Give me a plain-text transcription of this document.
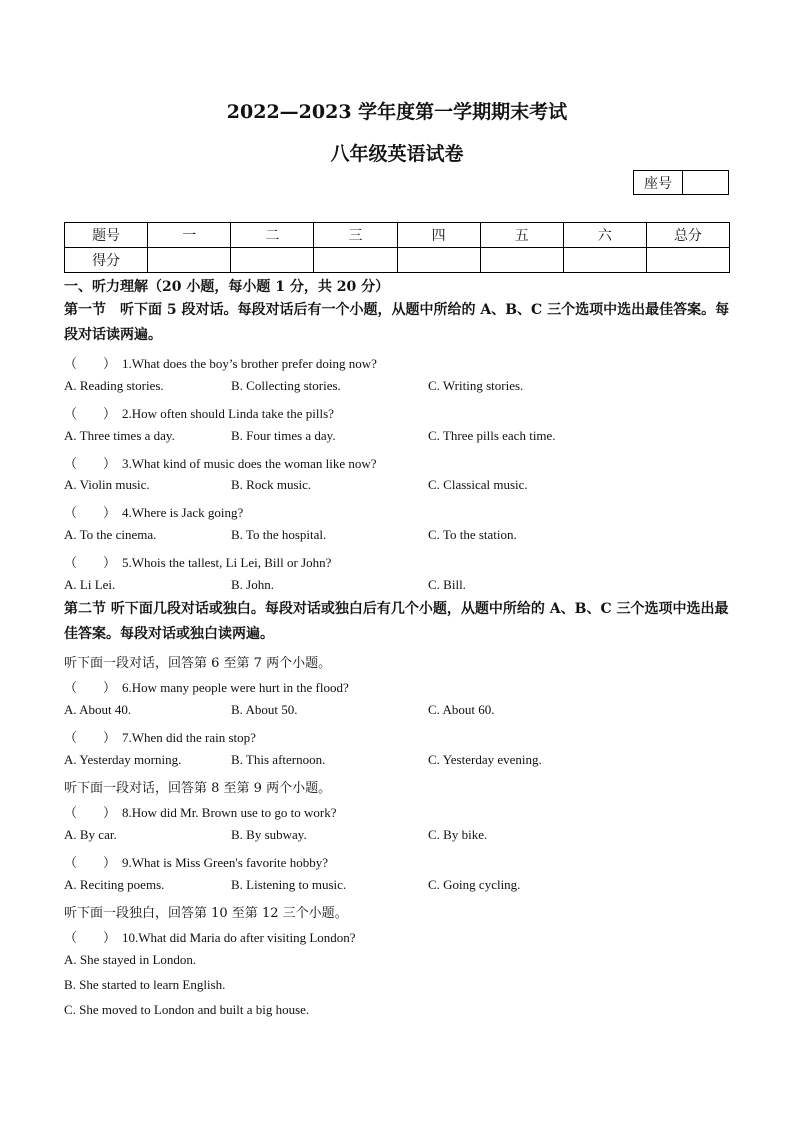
2022—2023 学年度第一学期期末考试
八年级英语试卷
座号
题号	一	二	三	四	五	六	总分
得分							
一、听力理解（20 小题，每小题 1 分，共 20 分）
第一节　听下面 5 段对话。每段对话后有一个小题，从题中所给的 A、B、C 三个选项中选出最佳答案。每段对话读两遍。
（　　） 1.What does the boy’s brother prefer doing now?
A. Reading stories.	B. Collecting stories.	C. Writing stories.
（　　） 2.How often should Linda take the pills?
A. Three times a day.	B. Four times a day.	C. Three pills each time.
（　　） 3.What kind of music does the woman like now?
A. Violin music.	B. Rock music.	C. Classical music.
（　　） 4.Where is Jack going?
A. To the cinema.	B. To the hospital.	C. To the station.
（　　） 5.Whois the tallest, Li Lei, Bill or John?
A. Li Lei.	B. John.	C. Bill.
第二节 听下面几段对话或独白。每段对话或独白后有几个小题，从题中所给的 A、B、C 三个选项中选出最佳答案。每段对话或独白读两遍。
听下面一段对话，回答第 6 至第 7 两个小题。
（　　） 6.How many people were hurt in the flood?
A. About 40.	B. About 50.	C. About 60.
（　　） 7.When did the rain stop?
A. Yesterday morning.	B. This afternoon.	C. Yesterday evening.
听下面一段对话，回答第 8 至第 9 两个小题。
（　　） 8.How did Mr. Brown use to go to work?
A. By car.	B. By subway.	C. By bike.
（　　） 9.What is Miss Green's favorite hobby?
A. Reciting poems.	B. Listening to music.	C. Going cycling.
听下面一段独白，回答第 10 至第 12 三个小题。
（　　） 10.What did Maria do after visiting London?
A. She stayed in London.
B. She started to learn English.
C. She moved to London and built a big house.
